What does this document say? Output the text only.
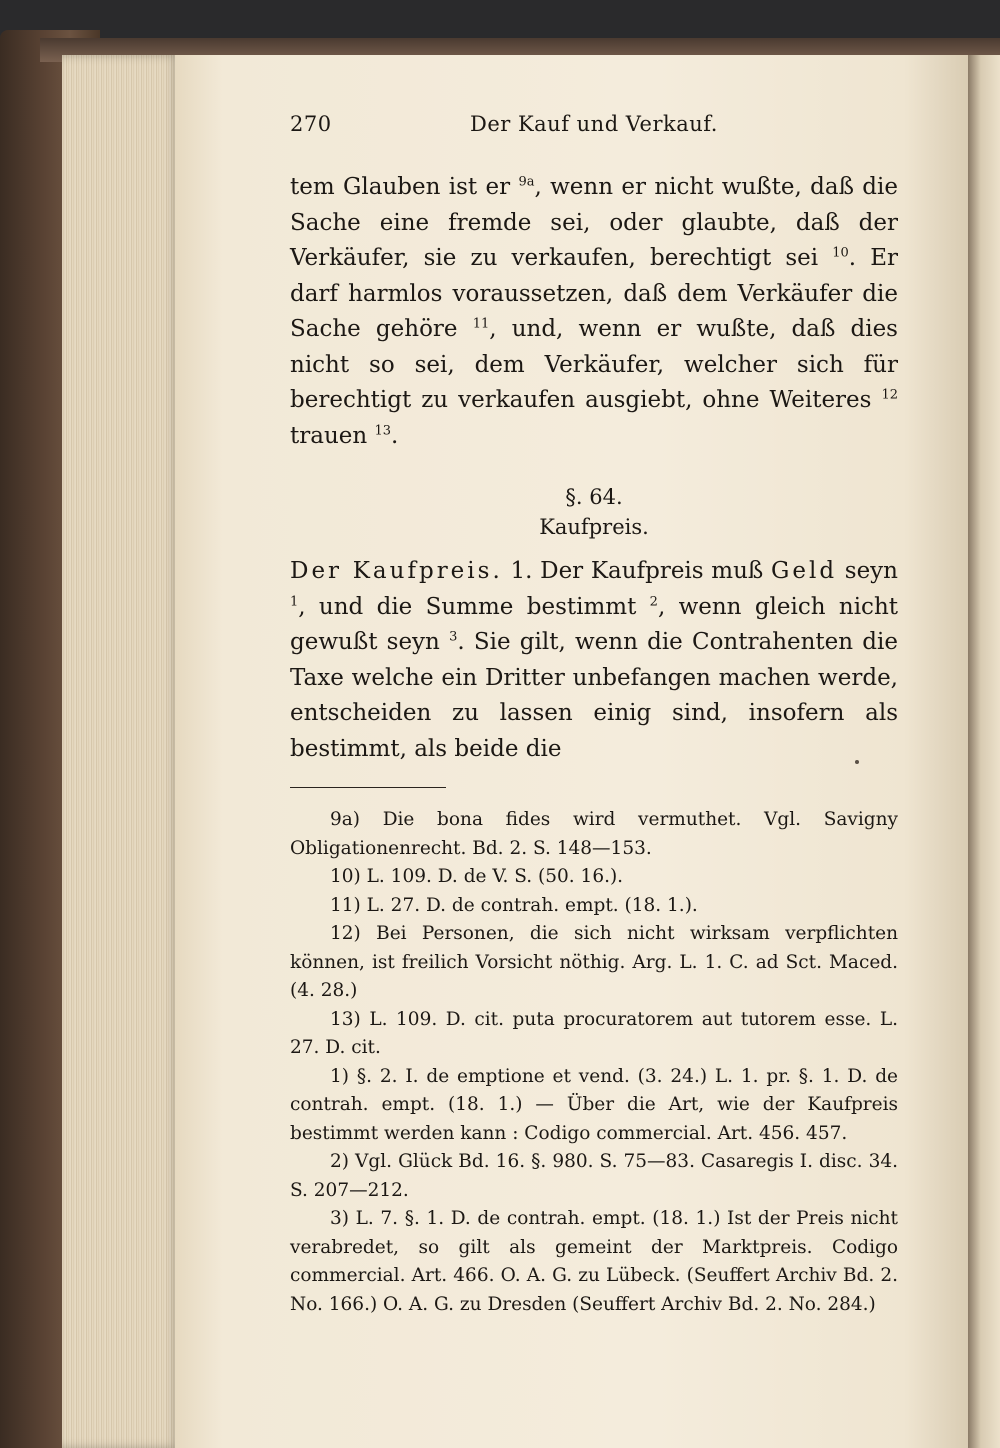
Der Kauf und Verkauf.
270

tem Glauben ist er $^{9a}$, wenn er nicht wußte, daß die Sache eine fremde sei, oder glaubte, daß der Verkäufer, sie zu verkaufen, berechtigt sei $^{10}$. Er darf harmlos voraussetzen, daß dem Verkäufer die Sache gehöre $^{11}$, und, wenn er wußte, daß dies nicht so sei, dem Verkäufer, welcher sich für berechtigt zu verkaufen ausgiebt, ohne Weiteres $^{12}$ trauen $^{13}$.

§. 64.
Kaufpreis.

Der Kaufpreis. 1. Der Kaufpreis muß Geld seyn $^1$, und die Summe bestimmt $^2$, wenn gleich nicht gewußt seyn $^3$. Sie gilt, wenn die Contrahenten die Taxe welche ein Dritter unbefangen machen werde, entscheiden zu lassen einig sind, insofern als bestimmt, als beide die

9a) Die bona fides wird vermuthet. Vgl. Savigny Obligationenrecht. Bd. 2. S. 148—153.

10) L. 109. D. de V. S. (50. 16.).

11) L. 27. D. de contrah. empt. (18. 1.).

12) Bei Personen, die sich nicht wirksam verpflichten können, ist freilich Vorsicht nöthig. Arg. L. 1. C. ad Sct. Maced. (4. 28.)

13) L. 109. D. cit. puta procuratorem aut tutorem esse. L. 27. D. cit.

1) §. 2. I. de emptione et vend. (3. 24.) L. 1. pr. §. 1. D. de contrah. empt. (18. 1.) — Über die Art, wie der Kaufpreis bestimmt werden kann : Codigo commercial. Art. 456. 457.

2) Vgl. Glück Bd. 16. §. 980. S. 75—83. Casaregis I. disc. 34. S. 207—212.

3) L. 7. §. 1. D. de contrah. empt. (18. 1.) Ist der Preis nicht verabredet, so gilt als gemeint der Marktpreis. Codigo commercial. Art. 466. O. A. G. zu Lübeck. (Seuffert Archiv Bd. 2. No. 166.) O. A. G. zu Dresden (Seuffert Archiv Bd. 2. No. 284.)
